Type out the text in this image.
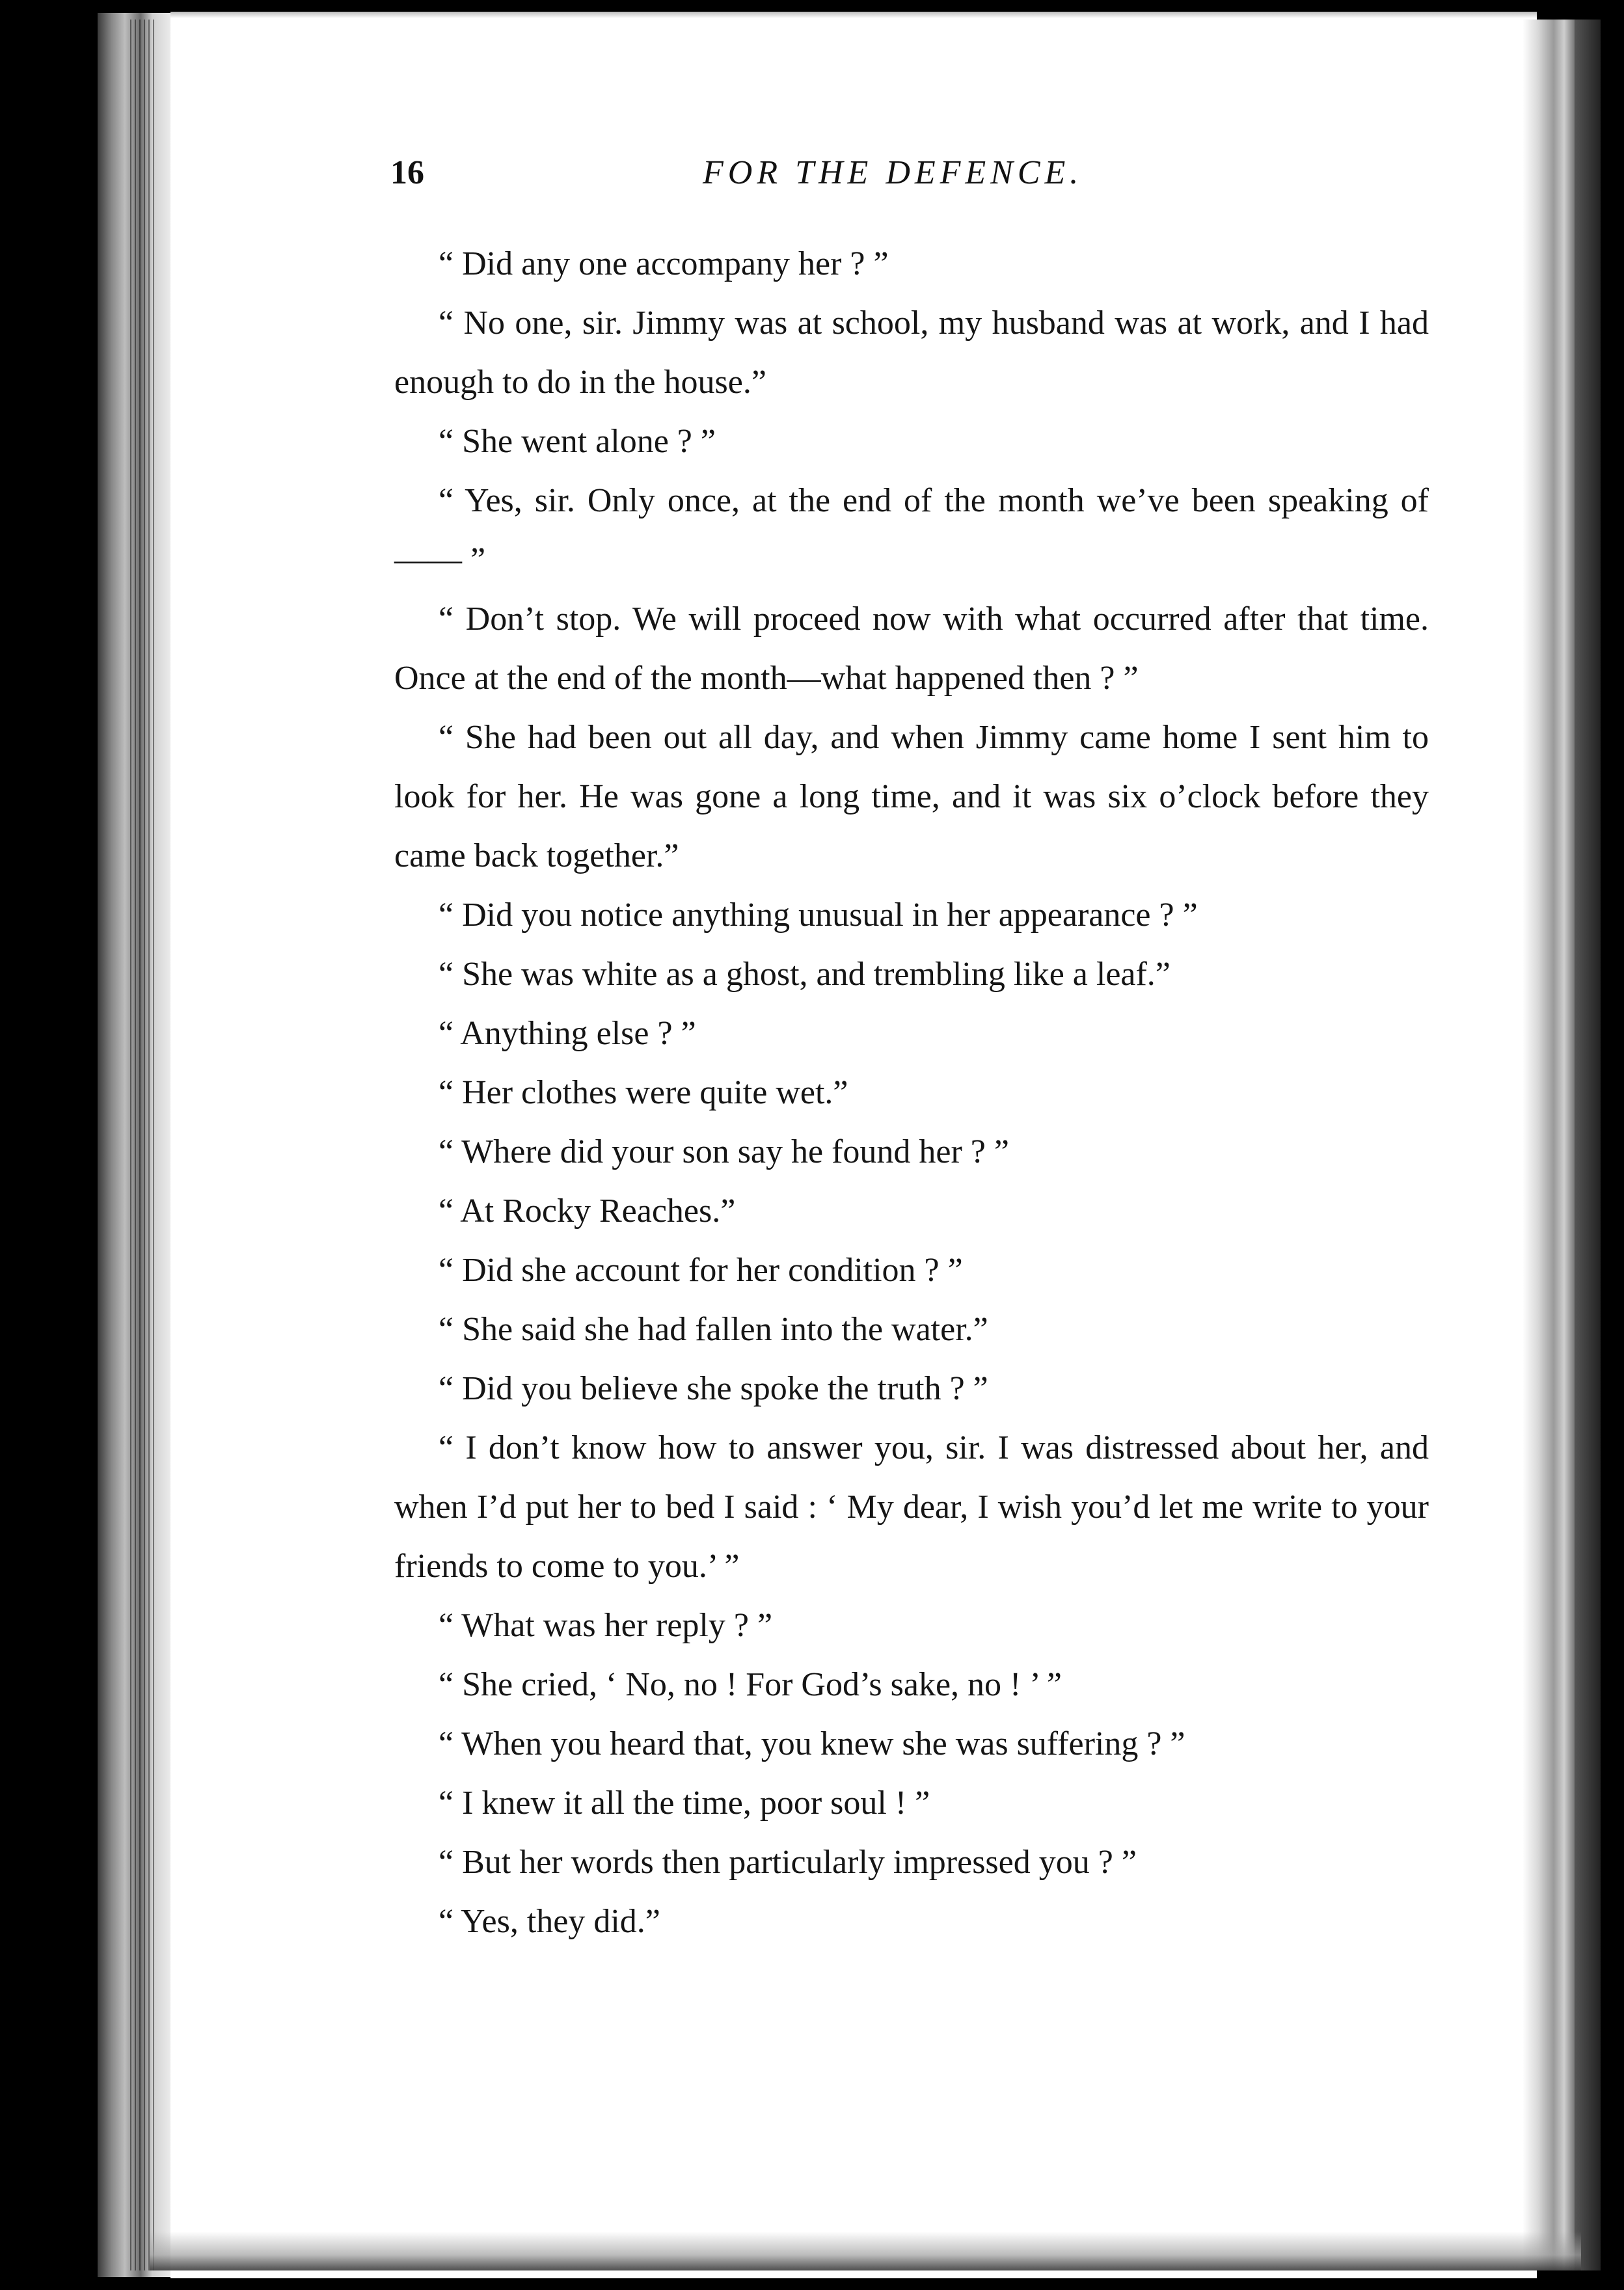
16	FOR THE DEFENCE.

“ Did any one accompany her ? ”

“ No one, sir. Jimmy was at school, my husband was at work, and I had enough to do in the house.”

“ She went alone ? ”

“ Yes, sir. Only once, at the end of the month we’ve been speaking of—— ”

“ Don’t stop. We will proceed now with what occurred after that time. Once at the end of the month—what happened then ? ”

“ She had been out all day, and when Jimmy came home I sent him to look for her. He was gone a long time, and it was six o’clock before they came back together.”

“ Did you notice anything unusual in her appearance ? ”

“ She was white as a ghost, and trembling like a leaf.”

“ Anything else ? ”

“ Her clothes were quite wet.”

“ Where did your son say he found her ? ”

“ At Rocky Reaches.”

“ Did she account for her condition ? ”

“ She said she had fallen into the water.”

“ Did you believe she spoke the truth ? ”

“ I don’t know how to answer you, sir. I was distressed about her, and when I’d put her to bed I said : ‘ My dear, I wish you’d let me write to your friends to come to you.’ ”

“ What was her reply ? ”

“ She cried, ‘ No, no ! For God’s sake, no ! ’ ”

“ When you heard that, you knew she was suffering ? ”

“ I knew it all the time, poor soul ! ”

“ But her words then particularly impressed you ? ”

“ Yes, they did.”
